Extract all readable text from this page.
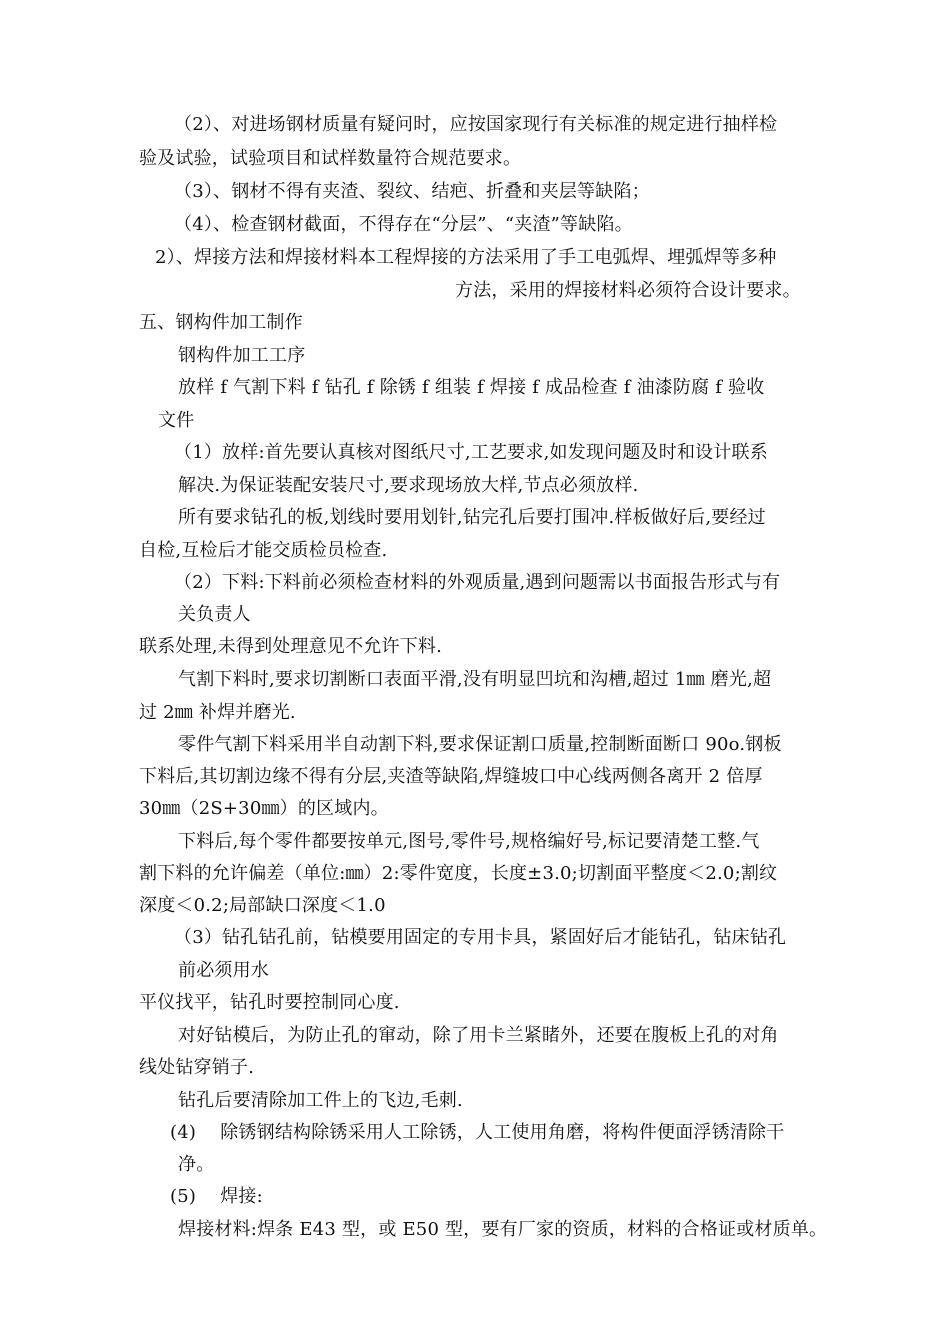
（2）、对进场钢材质量有疑问时，应按国家现行有关标准的规定进行抽样检
验及试验，试验项目和试样数量符合规范要求。
（3）、钢材不得有夹渣、裂纹、结疤、折叠和夹层等缺陷；
（4）、检查钢材截面，不得存在“分层”、“夹渣”等缺陷。
2）、焊接方法和焊接材料本工程焊接的方法采用了手工电弧焊、埋弧焊等多种
方法，采用的焊接材料必须符合设计要求。
五、钢构件加工制作
钢构件加工工序
放样 f 气割下料 f 钻孔 f 除锈 f 组装 f 焊接 f 成品检查 f 油漆防腐 f 验收
文件
（1）放样:首先要认真核对图纸尺寸,工艺要求,如发现问题及时和设计联系
解决.为保证装配安装尺寸,要求现场放大样,节点必须放样.
所有要求钻孔的板,划线时要用划针,钻完孔后要打围冲.样板做好后,要经过
自检,互检后才能交质检员检查.
（2）下料:下料前必须检查材料的外观质量,遇到问题需以书面报告形式与有
关负责人
联系处理,未得到处理意见不允许下料.
气割下料时,要求切割断口表面平滑,没有明显凹坑和沟槽,超过 1㎜ 磨光,超
过 2㎜ 补焊并磨光.
零件气割下料采用半自动割下料,要求保证割口质量,控制断面断口 90o.钢板
下料后,其切割边缘不得有分层,夹渣等缺陷,焊缝坡口中心线两侧各离开 2 倍厚
30㎜（2S+30㎜）的区域内。
下料后,每个零件都要按单元,图号,零件号,规格编好号,标记要清楚工整.气
割下料的允许偏差（单位:㎜）2:零件宽度，长度±3.0;切割面平整度＜2.0;割纹
深度＜0.2;局部缺口深度＜1.0
（3）钻孔钻孔前，钻模要用固定的专用卡具，紧固好后才能钻孔，钻床钻孔
前必须用水
平仪找平，钻孔时要控制同心度.
对好钻模后，为防止孔的窜动，除了用卡兰紧睹外，还要在腹板上孔的对角
线处钻穿销子.
钻孔后要清除加工件上的飞边,毛刺.
(4)　 除锈钢结构除锈采用人工除锈，人工使用角磨，将构件便面浮锈清除干
净。
(5)　 焊接:
焊接材料:焊条 E43 型，或 E50 型，要有厂家的资质，材料的合格证或材质单。
